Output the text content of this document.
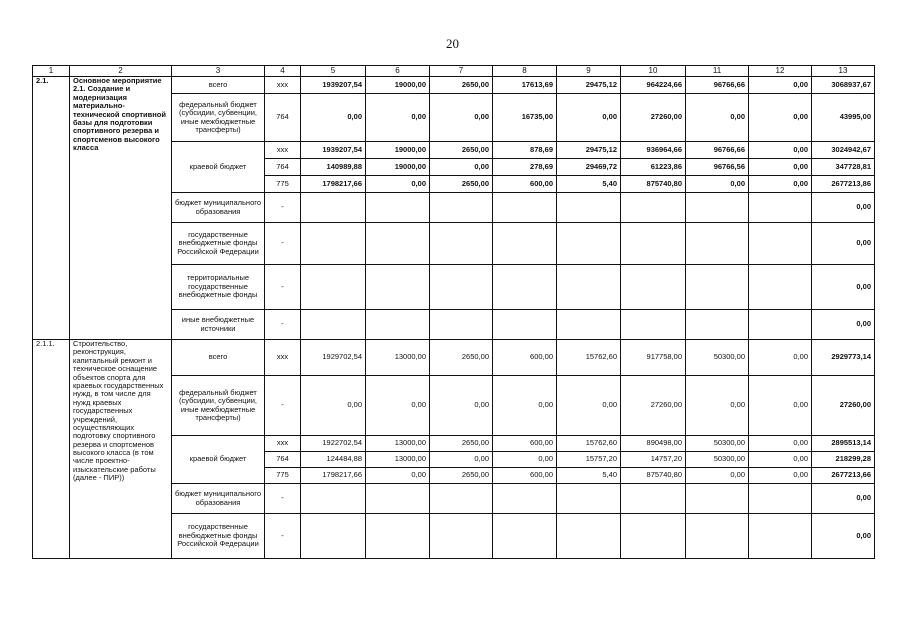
20
1	2	3	4	5	6	7	8	9	10	11	12	13
2.1.	Основное мероприятие 2.1. Создание и модернизация материально-технической спортивной базы для подготовки спортивного резерва и спортсменов высокого класса	всего	xxx	1939207,54	19000,00	2650,00	17613,69	29475,12	964224,66	96766,66	0,00	3068937,67
		федеральный бюджет (субсидии, субвенции, иные межбюджетные трансферты)	764	0,00	0,00	0,00	16735,00	0,00	27260,00	0,00	0,00	43995,00
		краевой бюджет	xxx	1939207,54	19000,00	2650,00	878,69	29475,12	936964,66	96766,66	0,00	3024942,67
			764	140989,88	19000,00	0,00	278,69	29469,72	61223,86	96766,56	0,00	347728,81
			775	1798217,66	0,00	2650,00	600,00	5,40	875740,80	0,00	0,00	2677213,86
		бюджет муниципального образования	-									0,00
		государственные внебюджетные фонды Российской Федерации	-									0,00
		территориальные государственные внебюджетные фонды	-									0,00
		иные внебюджетные источники	-									0,00
2.1.1.	Строительство, реконструкция, капитальный ремонт и техническое оснащение объектов спорта для краевых государственных нужд, в том числе для нужд краевых государственных учреждений, осуществляющих подготовку спортивного резерва и спортсменов высокого класса (в том числе проектно-изыскательские работы (далее - ПИР))	всего	xxx	1929702,54	13000,00	2650,00	600,00	15762,60	917758,00	50300,00	0,00	2929773,14
		федеральный бюджет (субсидии, субвенции, иные межбюджетные трансферты)	-	0,00	0,00	0,00	0,00	0,00	27260,00	0,00	0,00	27260,00
		краевой бюджет	xxx	1922702,54	13000,00	2650,00	600,00	15762,60	890498,00	50300,00	0,00	2895513,14
			764	124484,88	13000,00	0,00	0,00	15757,20	14757,20	50300,00	0,00	218299,28
			775	1798217,66	0,00	2650,00	600,00	5,40	875740,80	0,00	0,00	2677213,66
		бюджет муниципального образования	-									0,00
		государственные внебюджетные фонды Российской Федерации	-									0,00
